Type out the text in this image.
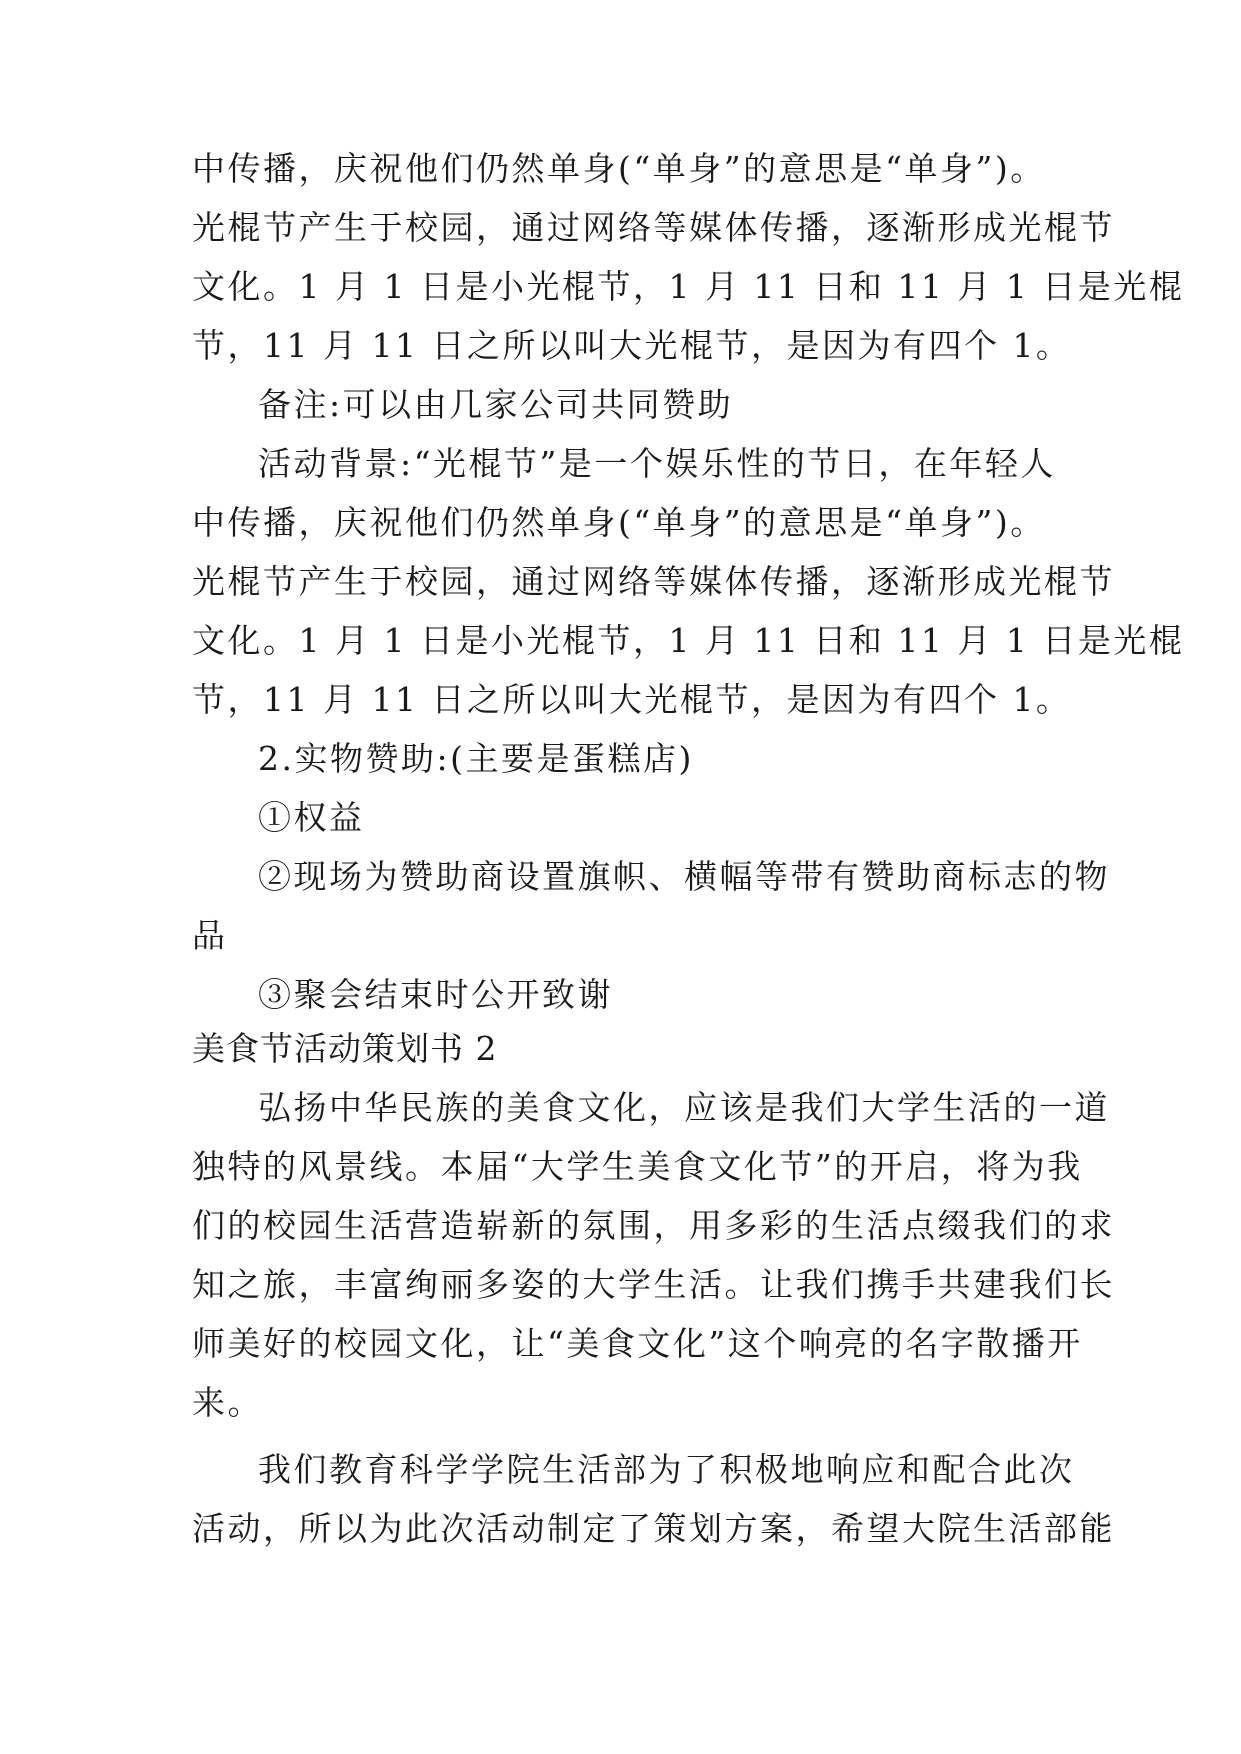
中传播，庆祝他们仍然单身(“单身”的意思是“单身”)。
光棍节产生于校园，通过网络等媒体传播，逐渐形成光棍节
文化。1 月 1 日是小光棍节，1 月 11 日和 11 月 1 日是光棍
节，11 月 11 日之所以叫大光棍节，是因为有四个 1。
备注:可以由几家公司共同赞助
活动背景:“光棍节”是一个娱乐性的节日，在年轻人
中传播，庆祝他们仍然单身(“单身”的意思是“单身”)。
光棍节产生于校园，通过网络等媒体传播，逐渐形成光棍节
文化。1 月 1 日是小光棍节，1 月 11 日和 11 月 1 日是光棍
节，11 月 11 日之所以叫大光棍节，是因为有四个 1。
2.实物赞助:(主要是蛋糕店)
①权益
②现场为赞助商设置旗帜、横幅等带有赞助商标志的物
品
③聚会结束时公开致谢
美食节活动策划书 2
弘扬中华民族的美食文化，应该是我们大学生活的一道
独特的风景线。本届“大学生美食文化节”的开启，将为我
们的校园生活营造崭新的氛围，用多彩的生活点缀我们的求
知之旅，丰富绚丽多姿的大学生活。让我们携手共建我们长
师美好的校园文化，让“美食文化”这个响亮的名字散播开
来。
我们教育科学学院生活部为了积极地响应和配合此次
活动，所以为此次活动制定了策划方案，希望大院生活部能
